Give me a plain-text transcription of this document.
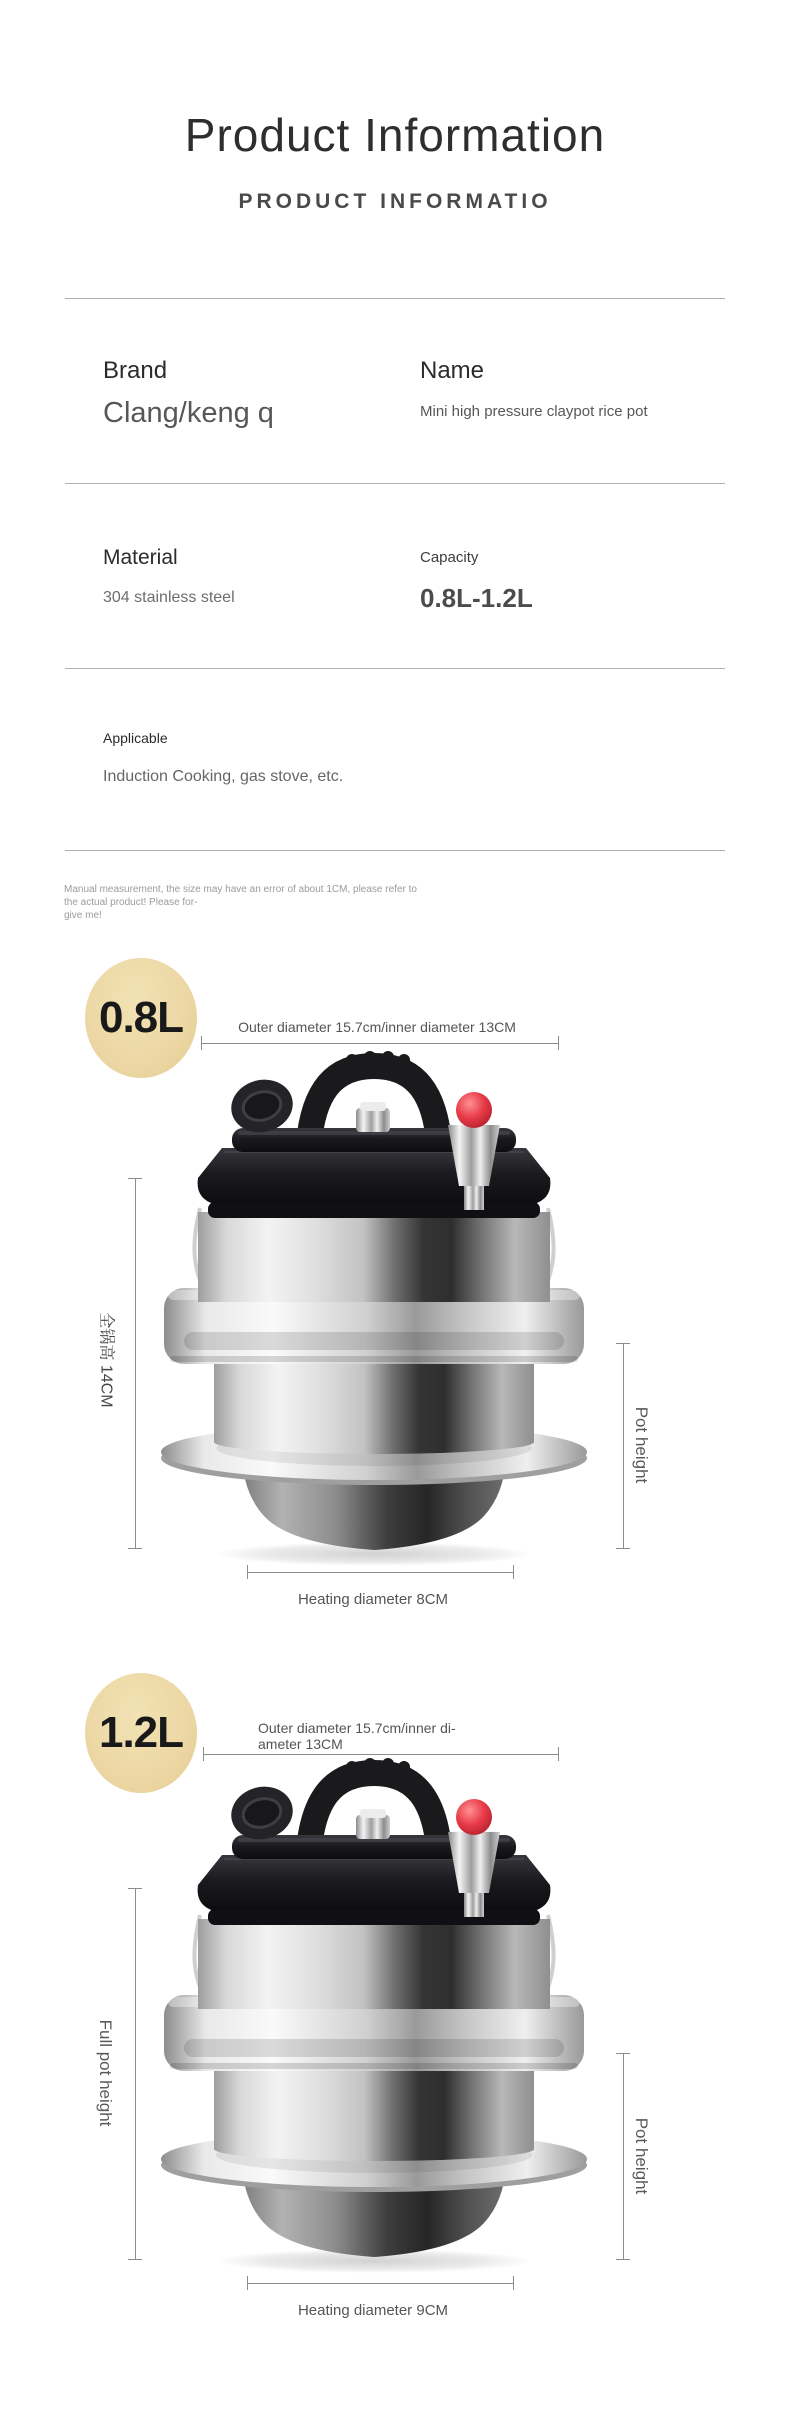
Product Information
PRODUCT INFORMATIO
Brand
Clang/keng q
Name
Mini high pressure claypot rice pot
Material
304 stainless steel
Capacity
0.8L-1.2L
Applicable
Induction Cooking, gas stove, etc.
Manual measurement, the size may have an error of about 1CM, please refer to the actual product! Please for-
give me!
0.8L	Outer diameter 15.7cm/inner diameter 13CM
全锅高 14CM
Pot height
Heating diameter 8CM
1.2L	Outer diameter 15.7cm/inner di-
ameter 13CM
Full pot height
Pot height
Heating diameter 9CM
